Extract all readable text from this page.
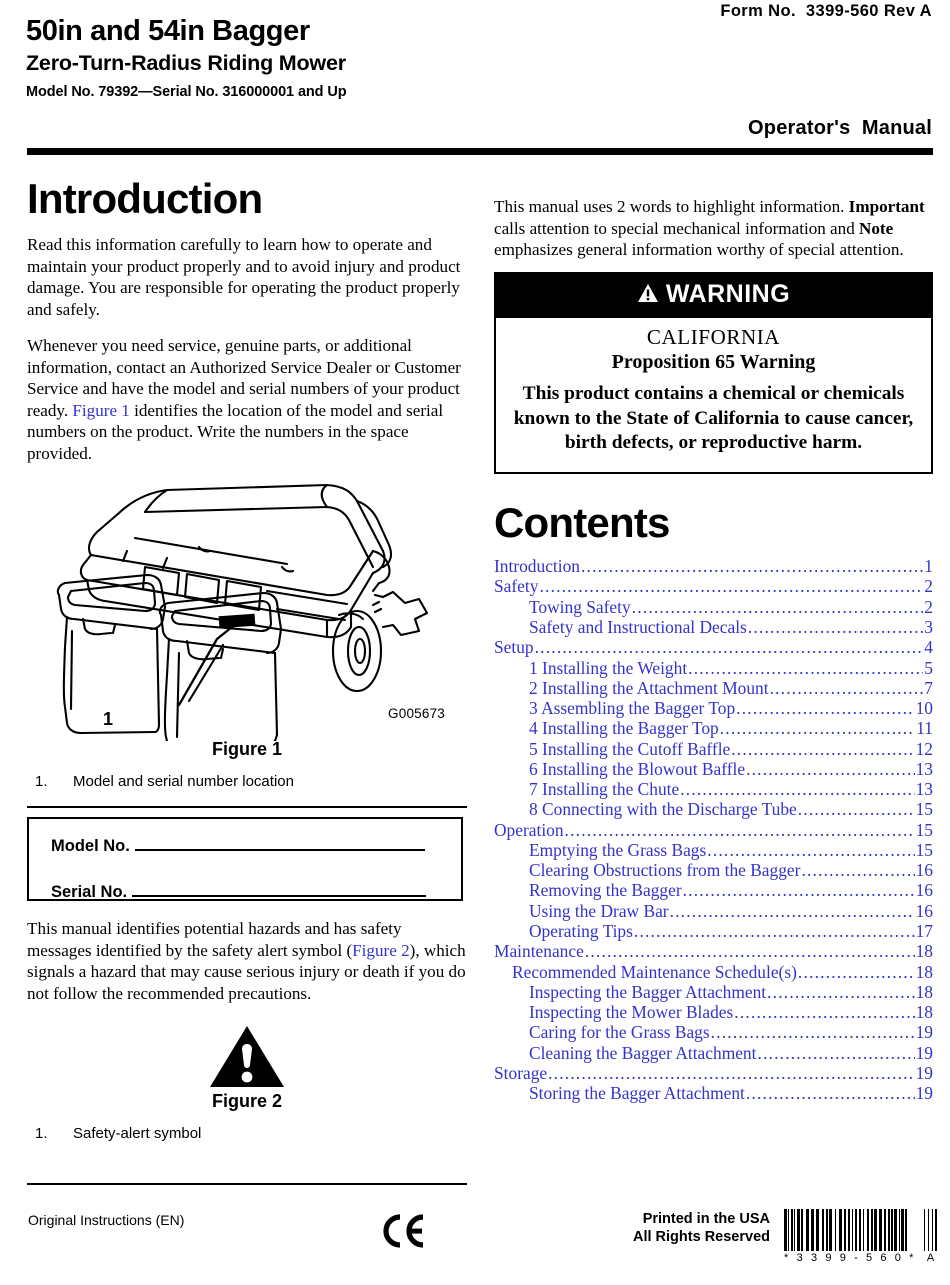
Form No.  3399-560 Rev A
50in and 54in Bagger
Zero-Turn-Radius Riding Mower
Model No. 79392—Serial No. 316000001 and Up
Operator's  Manual
Introduction

Read this information carefully to learn how to operate and maintain your product properly and to avoid injury and product damage. You are responsible for operating the product properly and safely.

Whenever you need service, genuine parts, or additional information, contact an Authorized Service Dealer or Customer Service and have the model and serial numbers of your product ready. Figure 1 identifies the location of the model and serial numbers on the product. Write the numbers in the space provided.

1	G005673
Figure 1
1.	Model and serial number location
Model No.
Serial No.

This manual identifies potential hazards and has safety messages identified by the safety alert symbol (Figure 2), which signals a hazard that may cause serious injury or death if you do not follow the recommended precautions.

Figure 2
1.	Safety-alert symbol

This manual uses 2 words to highlight information. Important calls attention to special mechanical information and Note emphasizes general information worthy of special attention.

WARNING
CALIFORNIA
Proposition 65 Warning
This product contains a chemical or chemicals known to the State of California to cause cancer, birth defects, or reproductive harm.
Contents
Introduction .....	1
Safety .....	2
Towing Safety .....	2
Safety and Instructional Decals .....	3
Setup .....	4
1 Installing the Weight .....	5
2 Installing the Attachment Mount .....	7
3 Assembling the Bagger Top .....	10
4 Installing the Bagger Top .....	11
5 Installing the Cutoff Baffle .....	12
6 Installing the Blowout Baffle .....	13
7 Installing the Chute .....	13
8 Connecting with the Discharge Tube .....	15
Operation .....	15
Emptying the Grass Bags .....	15
Clearing Obstructions from the Bagger .....	16
Removing the Bagger .....	16
Using the Draw Bar .....	16
Operating Tips .....	17
Maintenance .....	18
Recommended Maintenance Schedule(s) .....	18
Inspecting the Bagger Attachment .....	18
Inspecting the Mower Blades .....	18
Caring for the Grass Bags .....	19
Cleaning the Bagger Attachment .....	19
Storage .....	19
Storing the Bagger Attachment .....	19
Original Instructions (EN)	Printed in the USA
All Rights Reserved
* 3 3 9 9 - 5 6 0 * A
